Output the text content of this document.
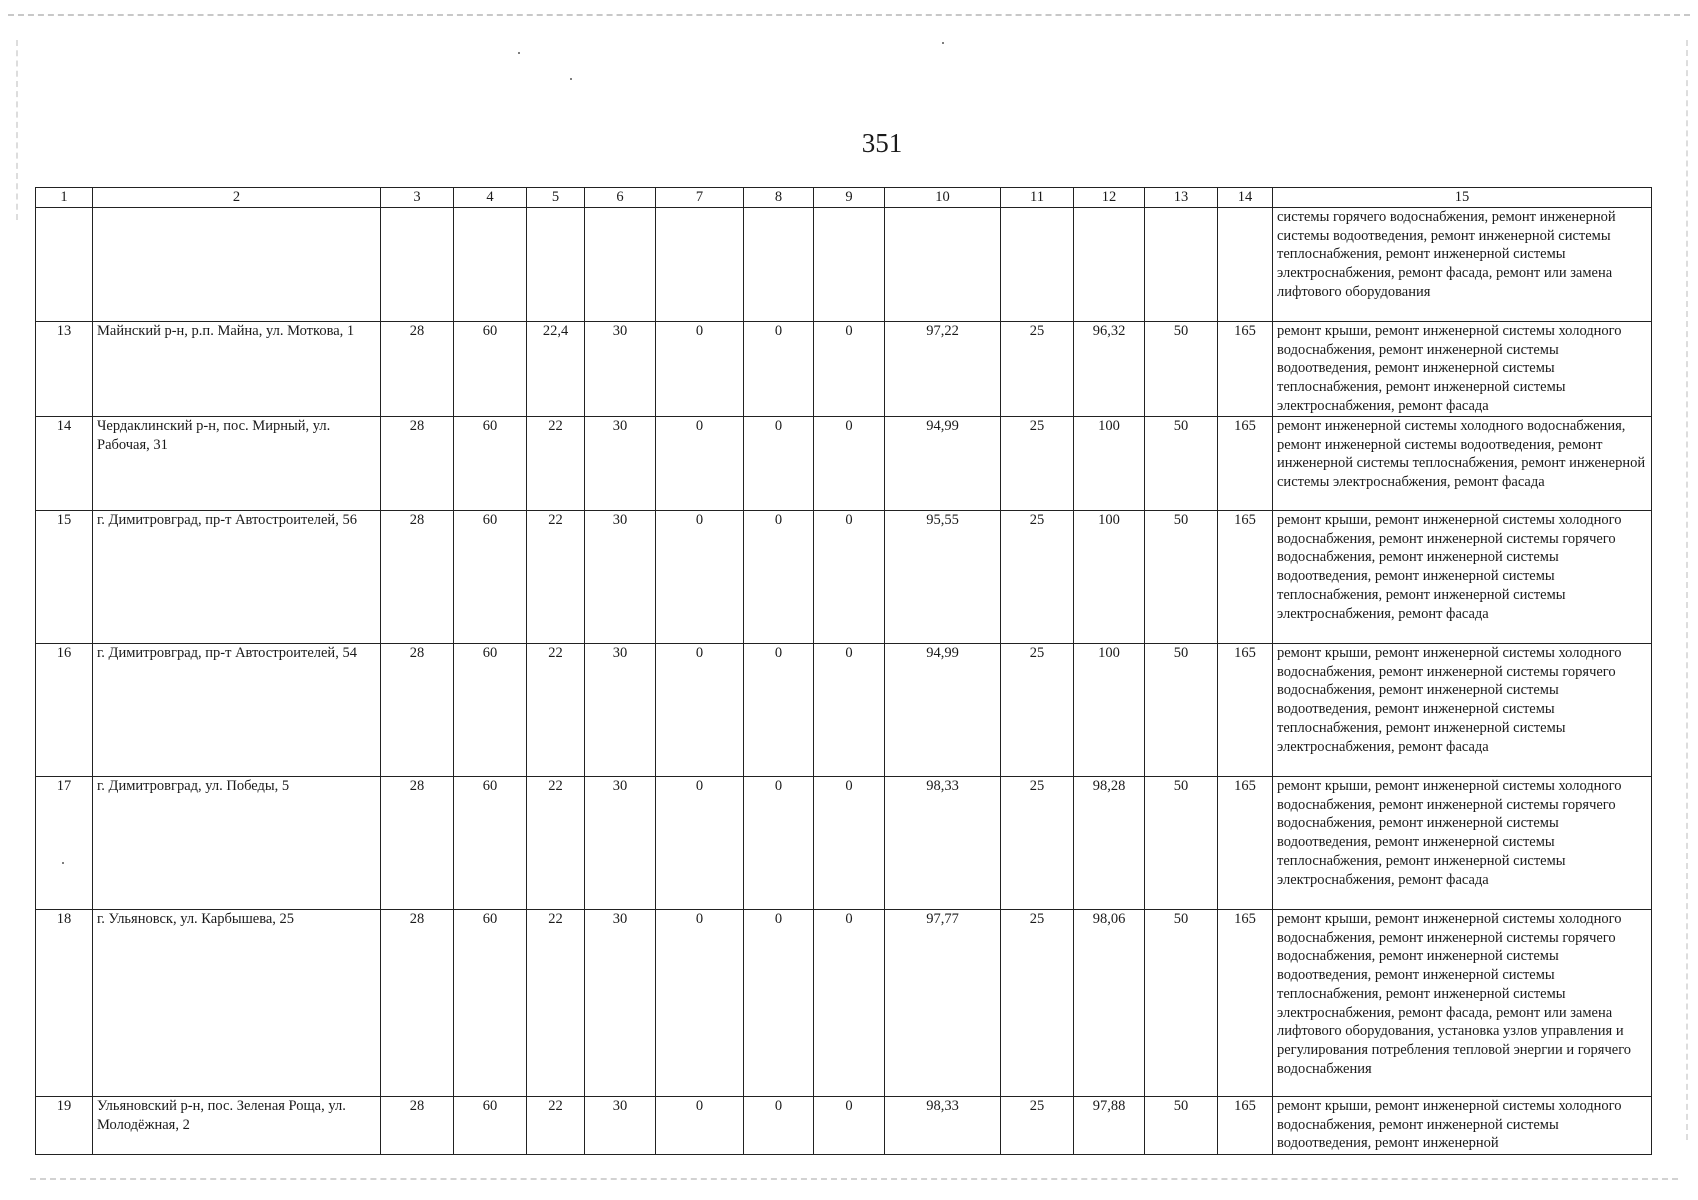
351
1	2	3	4	5	6	7	8	9	10	11	12	13	14	15
														системы горячего водоснабжения, ремонт инженерной системы водоотведения, ремонт инженерной системы теплоснабжения, ремонт инженерной системы электроснабжения, ремонт фасада, ремонт или замена лифтового оборудования
13	Майнский р-н, р.п. Майна, ул. Моткова, 1	28	60	22,4	30	0	0	0	97,22	25	96,32	50	165	ремонт крыши, ремонт инженерной системы холодного водоснабжения, ремонт инженерной системы водоотведения, ремонт инженерной системы теплоснабжения, ремонт инженерной системы электроснабжения, ремонт фасада
14	Чердаклинский р-н, пос. Мирный, ул. Рабочая, 31	28	60	22	30	0	0	0	94,99	25	100	50	165	ремонт инженерной системы холодного водоснабжения, ремонт инженерной системы водоотведения, ремонт инженерной системы теплоснабжения, ремонт инженерной системы электроснабжения, ремонт фасада
15	г. Димитровград, пр-т Автостроителей, 56	28	60	22	30	0	0	0	95,55	25	100	50	165	ремонт крыши, ремонт инженерной системы холодного водоснабжения, ремонт инженерной системы горячего водоснабжения, ремонт инженерной системы водоотведения, ремонт инженерной системы теплоснабжения, ремонт инженерной системы электроснабжения, ремонт фасада
16	г. Димитровград, пр-т Автостроителей, 54	28	60	22	30	0	0	0	94,99	25	100	50	165	ремонт крыши, ремонт инженерной системы холодного водоснабжения, ремонт инженерной системы горячего водоснабжения, ремонт инженерной системы водоотведения, ремонт инженерной системы теплоснабжения, ремонт инженерной системы электроснабжения, ремонт фасада
17	г. Димитровград, ул. Победы, 5	28	60	22	30	0	0	0	98,33	25	98,28	50	165	ремонт крыши, ремонт инженерной системы холодного водоснабжения, ремонт инженерной системы горячего водоснабжения, ремонт инженерной системы водоотведения, ремонт инженерной системы теплоснабжения, ремонт инженерной системы электроснабжения, ремонт фасада
18	г. Ульяновск, ул. Карбышева, 25	28	60	22	30	0	0	0	97,77	25	98,06	50	165	ремонт крыши, ремонт инженерной системы холодного водоснабжения, ремонт инженерной системы горячего водоснабжения, ремонт инженерной системы водоотведения, ремонт инженерной системы теплоснабжения, ремонт инженерной системы электроснабжения, ремонт фасада, ремонт или замена лифтового оборудования, установка узлов управления и регулирования потребления тепловой энергии и горячего водоснабжения
19	Ульяновский р-н, пос. Зеленая Роща, ул. Молодёжная, 2	28	60	22	30	0	0	0	98,33	25	97,88	50	165	ремонт крыши, ремонт инженерной системы холодного водоснабжения, ремонт инженерной системы водоотведения, ремонт инженерной
